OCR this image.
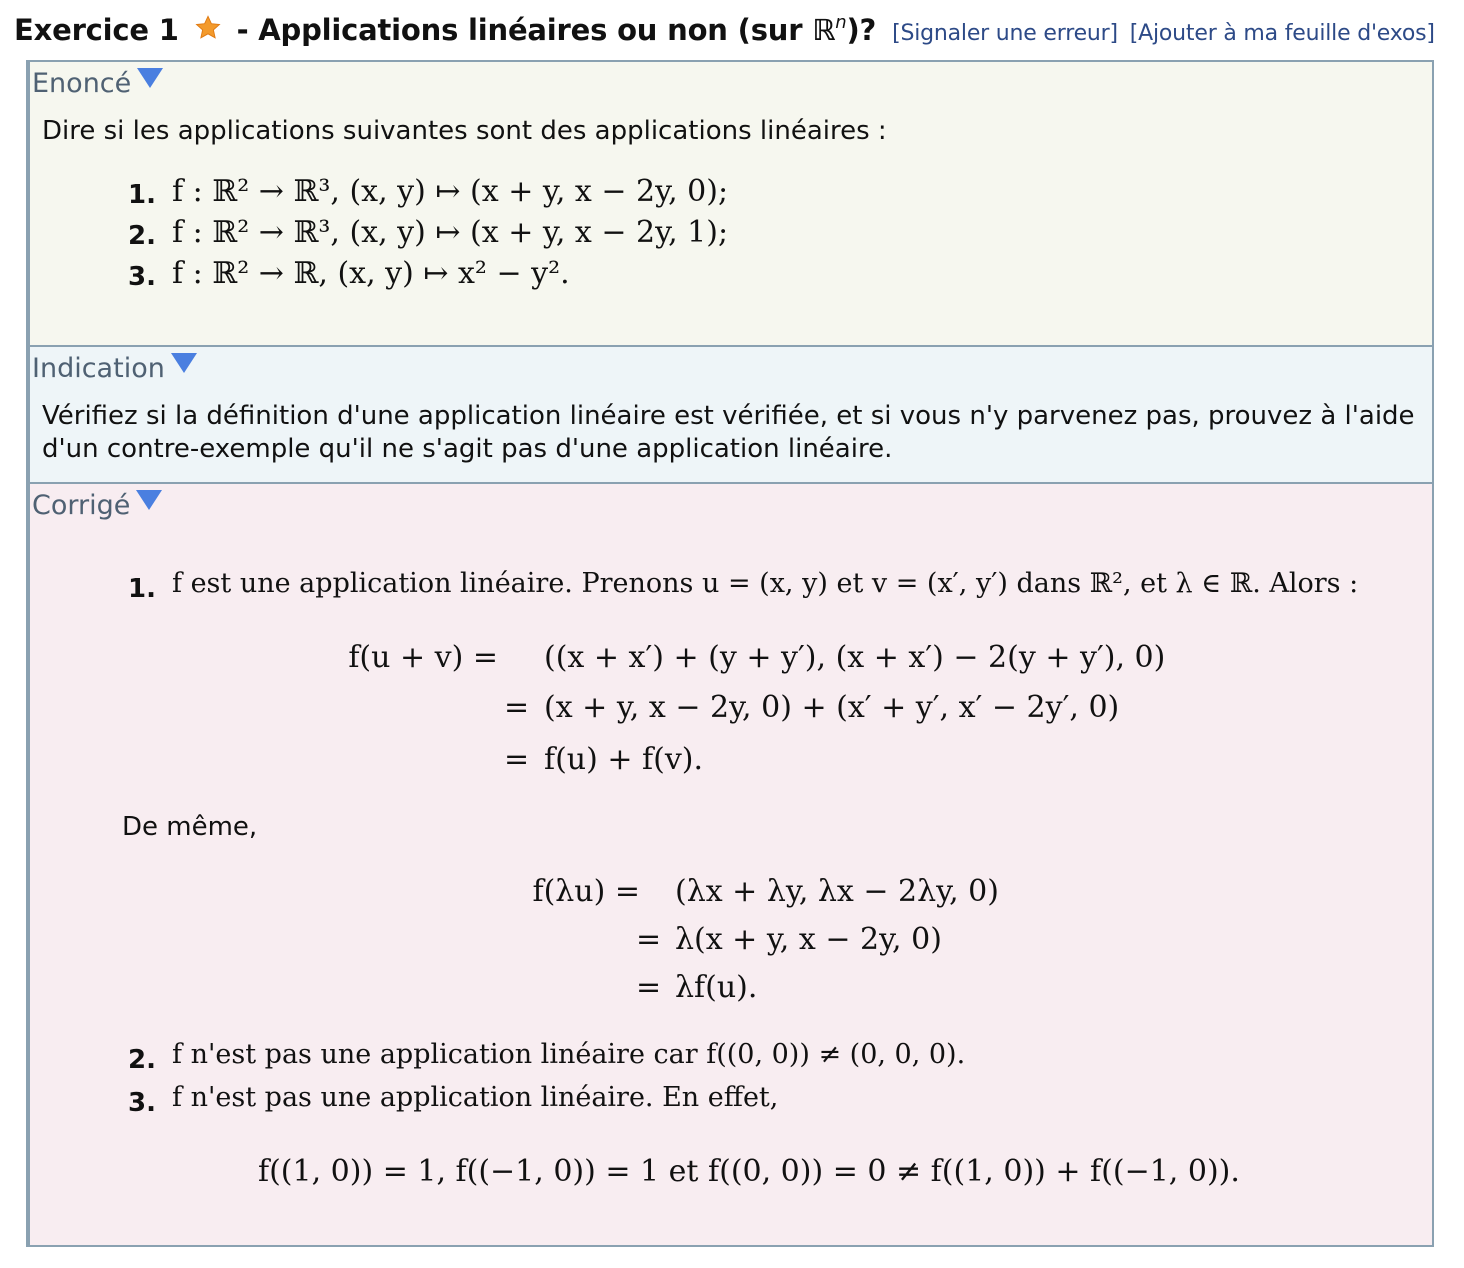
Exercice 1 - Applications linéaires ou non (sur ℝ$^n$)? [Signaler une erreur] [Ajouter à ma feuille d'exos]
Enoncé
Dire si les applications suivantes sont des applications linéaires :
1. f : ℝ² → ℝ³, (x, y) ↦ (x + y, x − 2y, 0);
2. f : ℝ² → ℝ³, (x, y) ↦ (x + y, x − 2y, 1);
3. f : ℝ² → ℝ, (x, y) ↦ x² − y².
Indication
Vérifiez si la définition d'une application linéaire est vérifiée, et si vous n'y parvenez pas, prouvez à l'aide
d'un contre-exemple qu'il ne s'agit pas d'une application linéaire.
Corrigé
1. f est une application linéaire. Prenons u = (x, y) et v = (x′, y′) dans ℝ², et λ ∈ ℝ. Alors :
f(u + v) = ((x + x′) + (y + y′), (x + x′) − 2(y + y′), 0)
= (x + y, x − 2y, 0) + (x′ + y′, x′ − 2y′, 0)
= f(u) + f(v).
De même,
f(λu) = (λx + λy, λx − 2λy, 0)
= λ(x + y, x − 2y, 0)
= λf(u).
2. f n'est pas une application linéaire car f((0, 0)) ≠ (0, 0, 0).
3. f n'est pas une application linéaire. En effet,
f((1, 0)) = 1, f((−1, 0)) = 1 et f((0, 0)) = 0 ≠ f((1, 0)) + f((−1, 0)).
